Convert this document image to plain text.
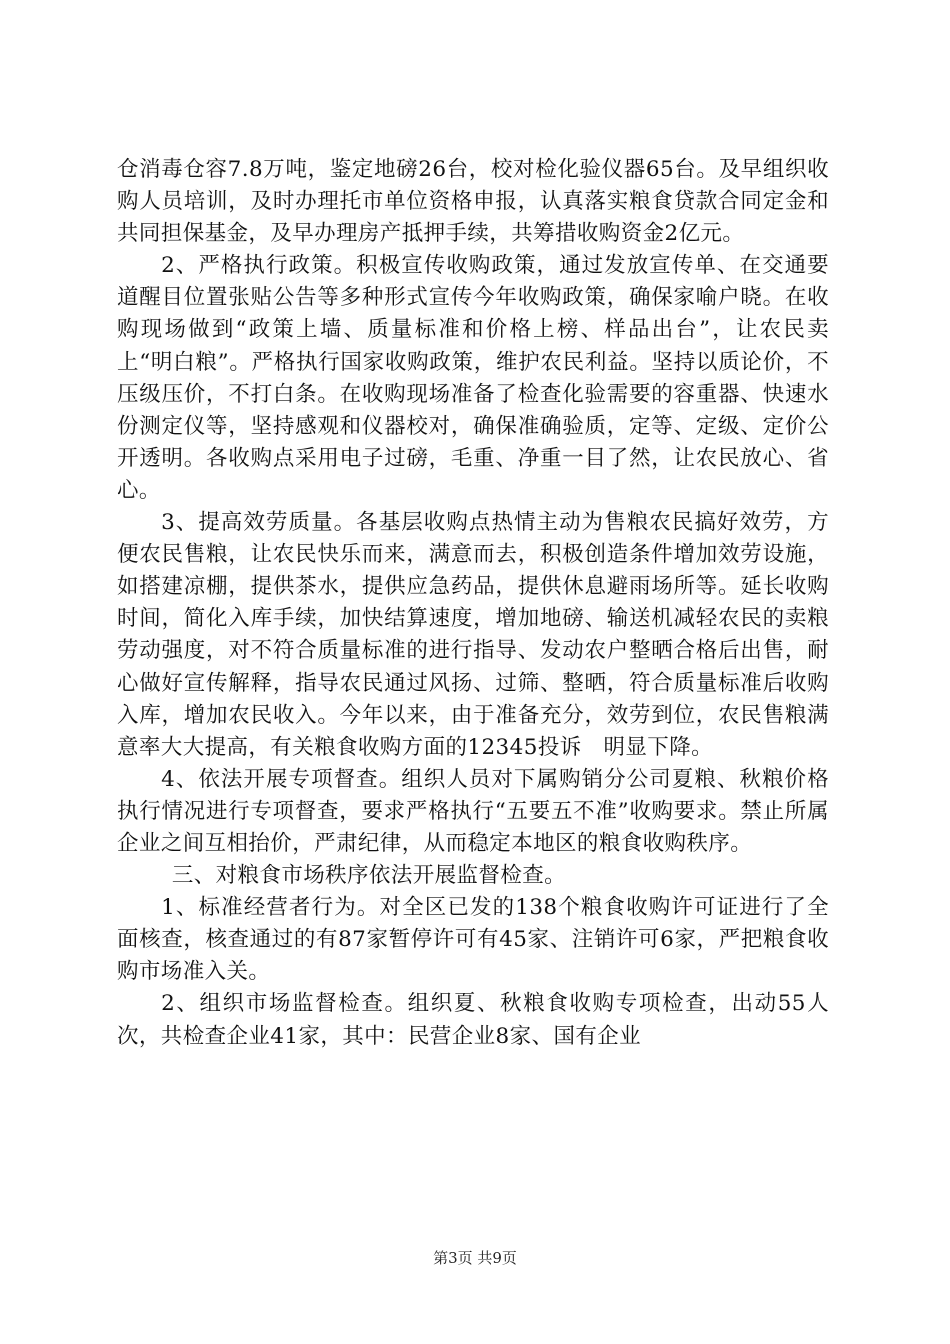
仓消毒仓容7.8万吨，鉴定地磅26台，校对检化验仪器65台。及早组织收购人员培训，及时办理托市单位资格申报，认真落实粮食贷款合同定金和共同担保基金，及早办理房产抵押手续，共筹措收购资金2亿元。

2、严格执行政策。积极宣传收购政策，通过发放宣传单、在交通要道醒目位置张贴公告等多种形式宣传今年收购政策，确保家喻户晓。在收购现场做到“政策上墙、质量标准和价格上榜、样品出台”，让农民卖上“明白粮”。严格执行国家收购政策，维护农民利益。坚持以质论价，不压级压价，不打白条。在收购现场准备了检查化验需要的容重器、快速水份测定仪等，坚持感观和仪器校对，确保准确验质，定等、定级、定价公开透明。各收购点采用电子过磅，毛重、净重一目了然，让农民放心、省心。

3、提高效劳质量。各基层收购点热情主动为售粮农民搞好效劳，方便农民售粮，让农民快乐而来，满意而去，积极创造条件增加效劳设施，如搭建凉棚，提供茶水，提供应急药品，提供休息避雨场所等。延长收购时间，简化入库手续，加快结算速度，增加地磅、输送机减轻农民的卖粮劳动强度，对不符合质量标准的进行指导、发动农户整晒合格后出售，耐心做好宣传解释，指导农民通过风扬、过筛、整晒，符合质量标准后收购入库，增加农民收入。今年以来，由于准备充分，效劳到位，农民售粮满意率大大提高，有关粮食收购方面的12345投诉　明显下降。

4、依法开展专项督查。组织人员对下属购销分公司夏粮、秋粮价格执行情况进行专项督查，要求严格执行“五要五不准”收购要求。禁止所属企业之间互相抬价，严肃纪律，从而稳定本地区的粮食收购秩序。

三、对粮食市场秩序依法开展监督检查。

1、标准经营者行为。对全区已发的138个粮食收购许可证进行了全面核查，核查通过的有87家暂停许可有45家、注销许可6家，严把粮食收购市场准入关。

2、组织市场监督检查。组织夏、秋粮食收购专项检查，出动55人次，共检查企业41家，其中：民营企业8家、国有企业

第3页 共9页
